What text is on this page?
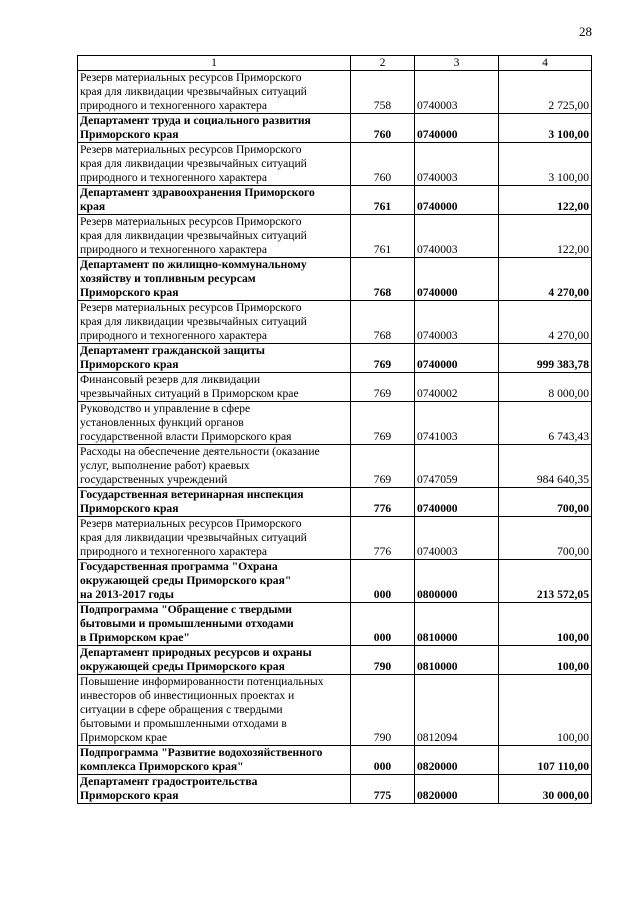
28
1	2	3	4
Резерв материальных ресурсов Приморского
края для ликвидации чрезвычайных ситуаций
природного и техногенного характера	758	0740003	2 725,00
Департамент труда и социального развития
Приморского края	760	0740000	3 100,00
Резерв материальных ресурсов Приморского
края для ликвидации чрезвычайных ситуаций
природного и техногенного характера	760	0740003	3 100,00
Департамент здравоохранения Приморского
края	761	0740000	122,00
Резерв материальных ресурсов Приморского
края для ликвидации чрезвычайных ситуаций
природного и техногенного характера	761	0740003	122,00
Департамент по жилищно-коммунальному
хозяйству и топливным ресурсам
Приморского края	768	0740000	4 270,00
Резерв материальных ресурсов Приморского
края для ликвидации чрезвычайных ситуаций
природного и техногенного характера	768	0740003	4 270,00
Департамент гражданской защиты
Приморского края	769	0740000	999 383,78
Финансовый резерв для ликвидации
чрезвычайных ситуаций в Приморском крае	769	0740002	8 000,00
Руководство и управление в сфере
установленных функций органов
государственной власти Приморского края	769	0741003	6 743,43
Расходы на обеспечение деятельности (оказание
услуг, выполнение работ) краевых
государственных учреждений	769	0747059	984 640,35
Государственная ветеринарная инспекция
Приморского края	776	0740000	700,00
Резерв материальных ресурсов Приморского
края для ликвидации чрезвычайных ситуаций
природного и техногенного характера	776	0740003	700,00
Государственная программа "Охрана
окружающей среды Приморского края"
на 2013-2017 годы	000	0800000	213 572,05
Подпрограмма "Обращение с твердыми
бытовыми и промышленными отходами
в Приморском крае"	000	0810000	100,00
Департамент природных ресурсов и охраны
окружающей среды Приморского края	790	0810000	100,00
Повышение информированности потенциальных
инвесторов об инвестиционных проектах и
ситуации в сфере обращения с твердыми
бытовыми и промышленными отходами в
Приморском крае	790	0812094	100,00
Подпрограмма "Развитие водохозяйственного
комплекса Приморского края"	000	0820000	107 110,00
Департамент градостроительства
Приморского края	775	0820000	30 000,00
